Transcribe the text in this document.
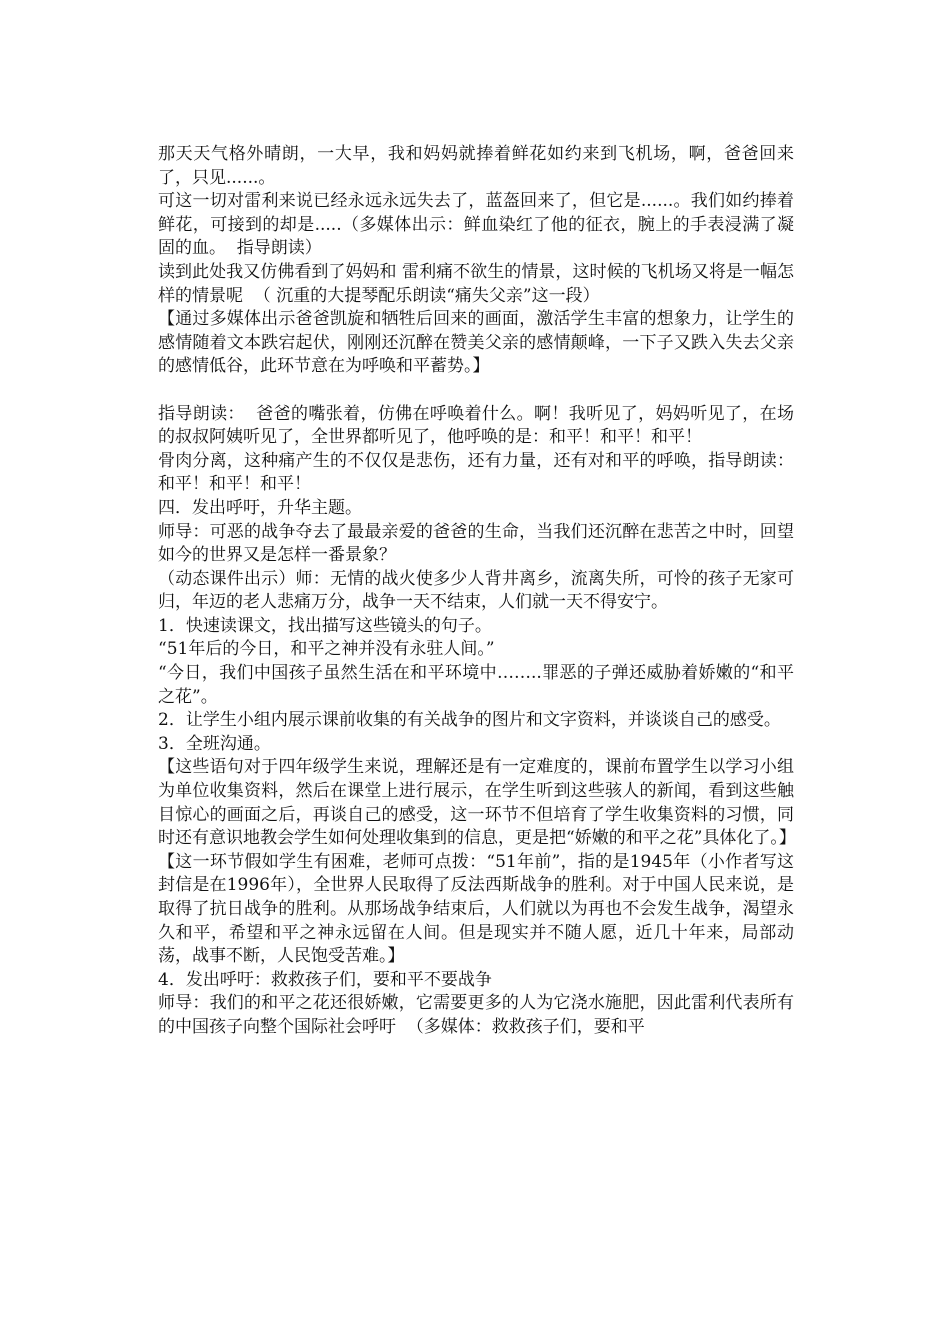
那天天气格外晴朗，一大早，我和妈妈就捧着鲜花如约来到飞机场，啊，爸爸回来了，只见......。

可这一切对雷利来说已经永远永远失去了，蓝盔回来了，但它是......。我们如约捧着鲜花，可接到的却是.....（多媒体出示：鲜血染红了他的征衣，腕上的手表浸满了凝固的血。  指导朗读）

读到此处我又仿佛看到了妈妈和 雷利痛不欲生的情景，这时候的飞机场又将是一幅怎样的情景呢  （ 沉重的大提琴配乐朗读“痛失父亲”这一段）

【通过多媒体出示爸爸凯旋和牺牲后回来的画面，激活学生丰富的想象力，让学生的感情随着文本跌宕起伏，刚刚还沉醉在赞美父亲的感情颠峰，一下子又跌入失去父亲的感情低谷，此环节意在为呼唤和平蓄势。】

指导朗读：  爸爸的嘴张着，仿佛在呼唤着什么。啊！我听见了，妈妈听见了，在场的叔叔阿姨听见了，全世界都听见了，他呼唤的是：和平！和平！和平！

骨肉分离，这种痛产生的不仅仅是悲伤，还有力量，还有对和平的呼唤，指导朗读：和平！和平！和平！

四．发出呼吁，升华主题。

师导：可恶的战争夺去了最最亲爱的爸爸的生命，当我们还沉醉在悲苦之中时，回望如今的世界又是怎样一番景象？

（动态课件出示）师：无情的战火使多少人背井离乡，流离失所，可怜的孩子无家可归，年迈的老人悲痛万分，战争一天不结束，人们就一天不得安宁。

1．快速读课文，找出描写这些镜头的句子。

“51年后的今日，和平之神并没有永驻人间。”

“今日，我们中国孩子虽然生活在和平环境中……..罪恶的子弹还威胁着娇嫩的“和平之花”。

2．让学生小组内展示课前收集的有关战争的图片和文字资料，并谈谈自己的感受。

3．全班沟通。

【这些语句对于四年级学生来说，理解还是有一定难度的，课前布置学生以学习小组为单位收集资料，然后在课堂上进行展示，在学生听到这些骇人的新闻，看到这些触目惊心的画面之后，再谈自己的感受，这一环节不但培育了学生收集资料的习惯，同时还有意识地教会学生如何处理收集到的信息，更是把“娇嫩的和平之花”具体化了。】

【这一环节假如学生有困难，老师可点拨：“51年前”，指的是1945年（小作者写这封信是在1996年），全世界人民取得了反法西斯战争的胜利。对于中国人民来说，是取得了抗日战争的胜利。从那场战争结束后，人们就以为再也不会发生战争，渴望永久和平，希望和平之神永远留在人间。但是现实并不随人愿，近几十年来，局部动荡，战事不断，人民饱受苦难。】

4．发出呼吁：救救孩子们，要和平不要战争

师导：我们的和平之花还很娇嫩，它需要更多的人为它浇水施肥，因此雷利代表所有的中国孩子向整个国际社会呼吁  （多媒体：救救孩子们，要和平
